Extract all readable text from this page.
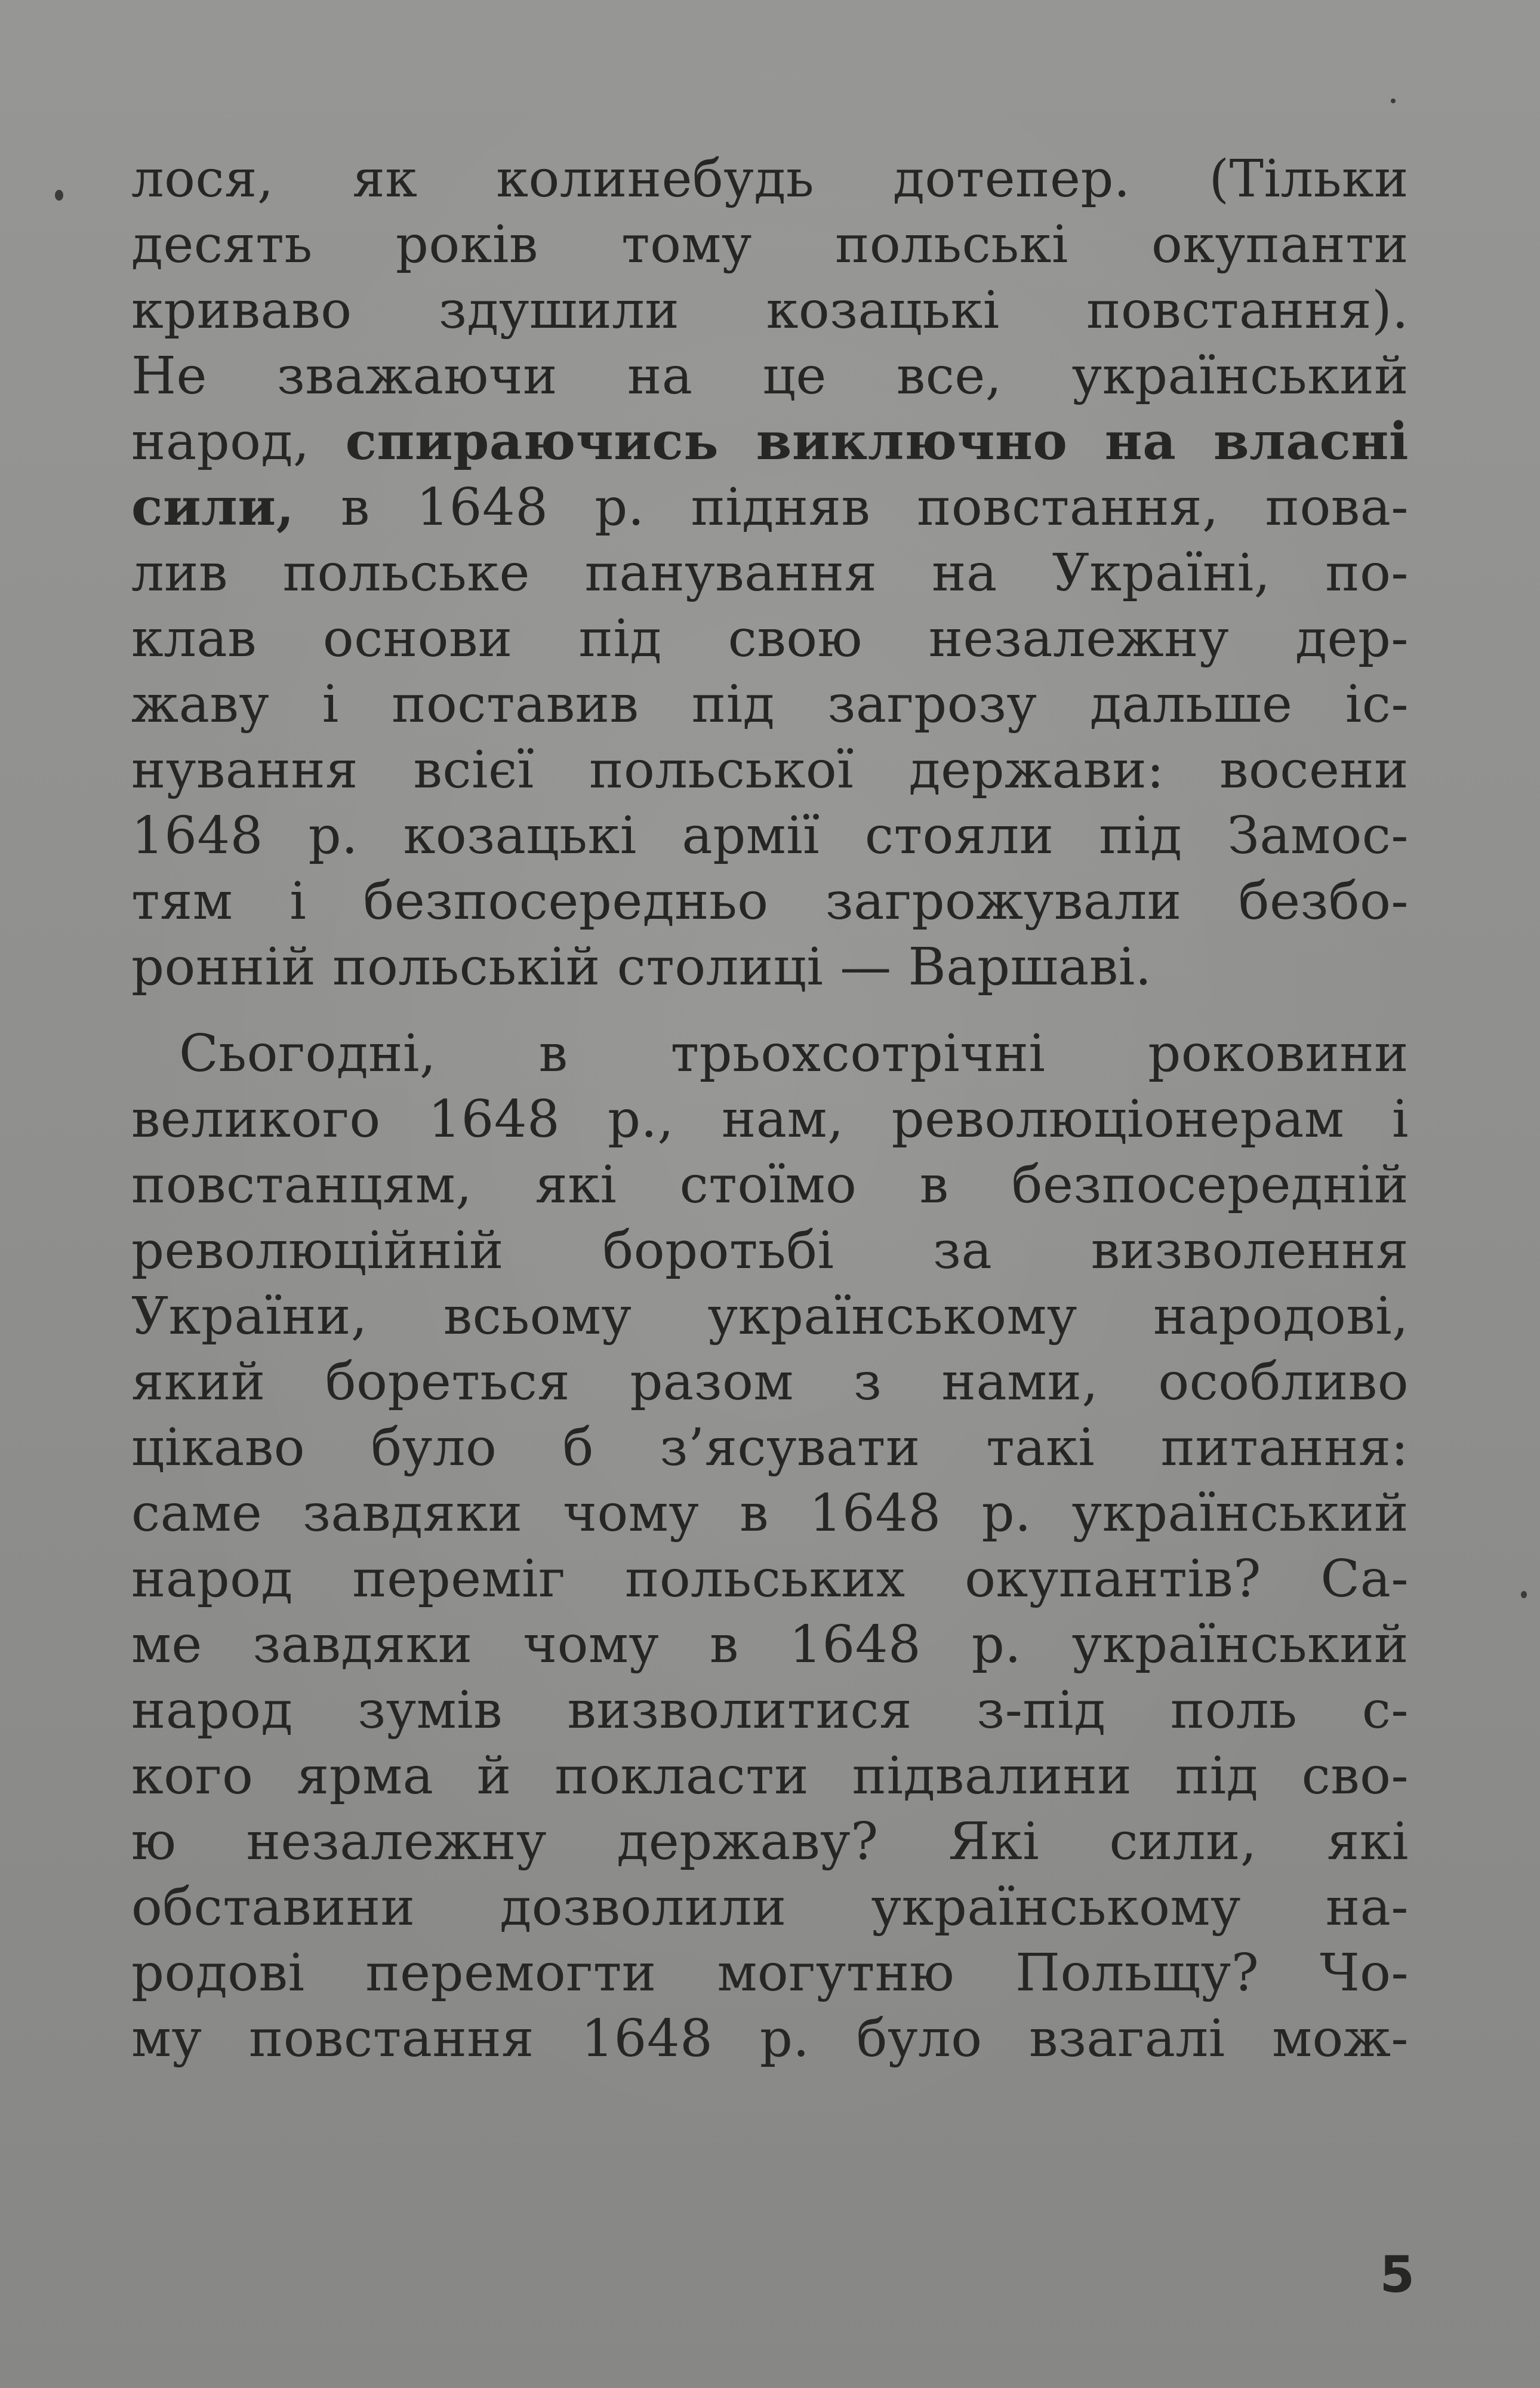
лося, як колинебудь дотепер. (Тільки
десять років тому польські окупанти
криваво здушили козацькі повстання).
Не зважаючи на це все, український
народ, спираючись виключно на власні
сили, в 1648 р. підняв повстання, пова-
лив польське панування на Україні, по-
клав основи під свою незалежну дер-
жаву і поставив під загрозу дальше іс-
нування всієї польської держави: восени
1648 р. козацькі армії стояли під Замос-
тям і безпосередньо загрожували безбо-
ронній польській столиці — Варшаві.
Сьогодні, в трьохсотрічні роковини
великого 1648 р., нам, революціонерам і
повстанцям, які стоїмо в безпосередній
революційній боротьбі за визволення
України, всьому українському народові,
який бореться разом з нами, особливо
цікаво було б з’ясувати такі питання:
саме завдяки чому в 1648 р. український
народ переміг польських окупантів? Са-
ме завдяки чому в 1648 р. український
народ зумів визволитися з-під поль с-
кого ярма й покласти підвалини під сво-
ю незалежну державу? Які сили, які
обставини дозволили українському на-
родові перемогти могутню Польщу? Чо-
му повстання 1648 р. було взагалі мож-
5
